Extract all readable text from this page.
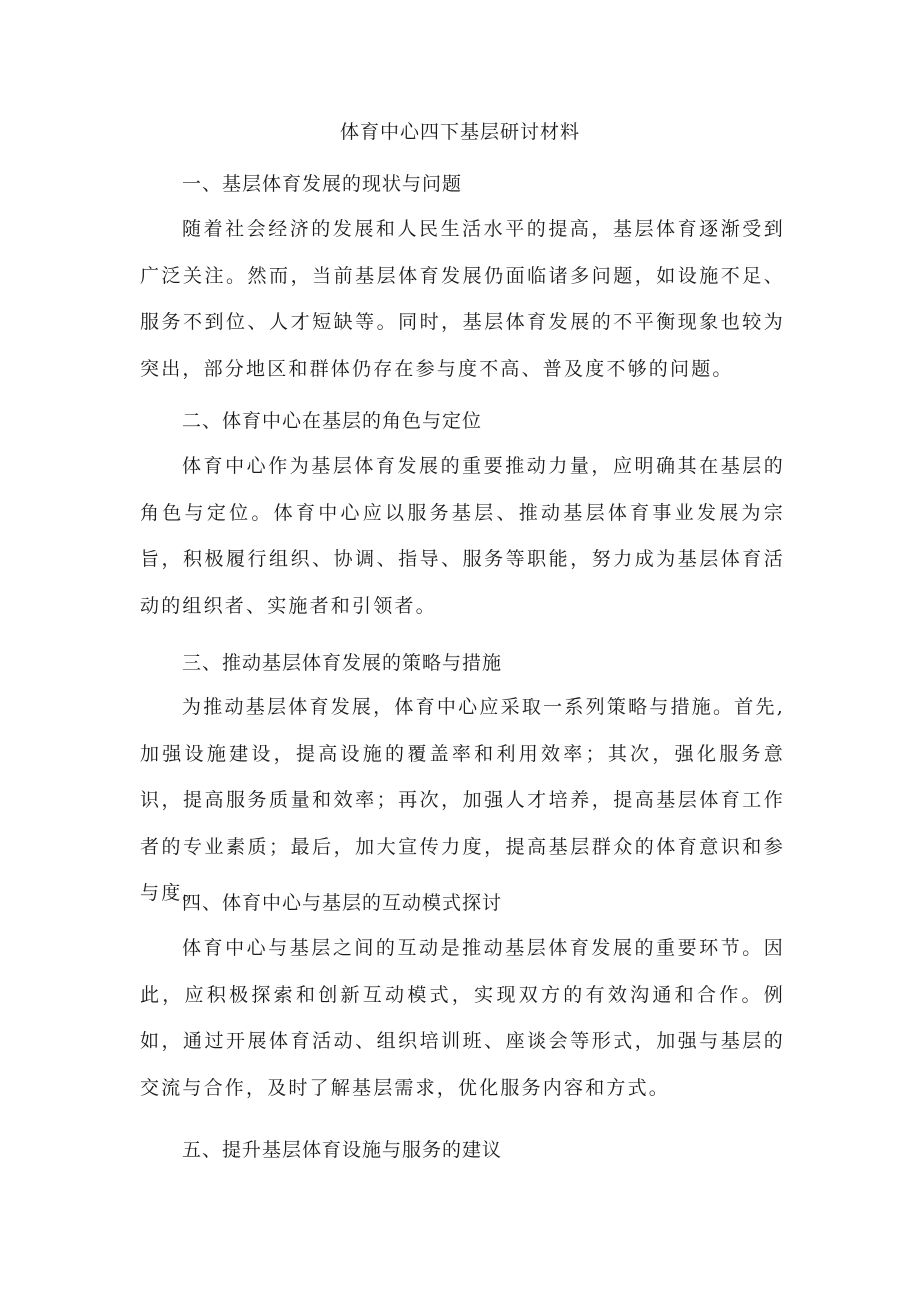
体育中心四下基层研讨材料
一、基层体育发展的现状与问题

随着社会经济的发展和人民生活水平的提高，基层体育逐渐受到广泛关注。然而，当前基层体育发展仍面临诸多问题，如设施不足、服务不到位、人才短缺等。同时，基层体育发展的不平衡现象也较为突出，部分地区和群体仍存在参与度不高、普及度不够的问题。

二、体育中心在基层的角色与定位

体育中心作为基层体育发展的重要推动力量，应明确其在基层的角色与定位。体育中心应以服务基层、推动基层体育事业发展为宗旨，积极履行组织、协调、指导、服务等职能，努力成为基层体育活动的组织者、实施者和引领者。

三、推动基层体育发展的策略与措施

为推动基层体育发展，体育中心应采取一系列策略与措施。首先,加强设施建设，提高设施的覆盖率和利用效率；其次，强化服务意识，提高服务质量和效率；再次，加强人才培养，提高基层体育工作者的专业素质；最后，加大宣传力度，提高基层群众的体育意识和参与度。

四、体育中心与基层的互动模式探讨

体育中心与基层之间的互动是推动基层体育发展的重要环节。因此，应积极探索和创新互动模式，实现双方的有效沟通和合作。例如，通过开展体育活动、组织培训班、座谈会等形式，加强与基层的交流与合作，及时了解基层需求，优化服务内容和方式。

五、提升基层体育设施与服务的建议
